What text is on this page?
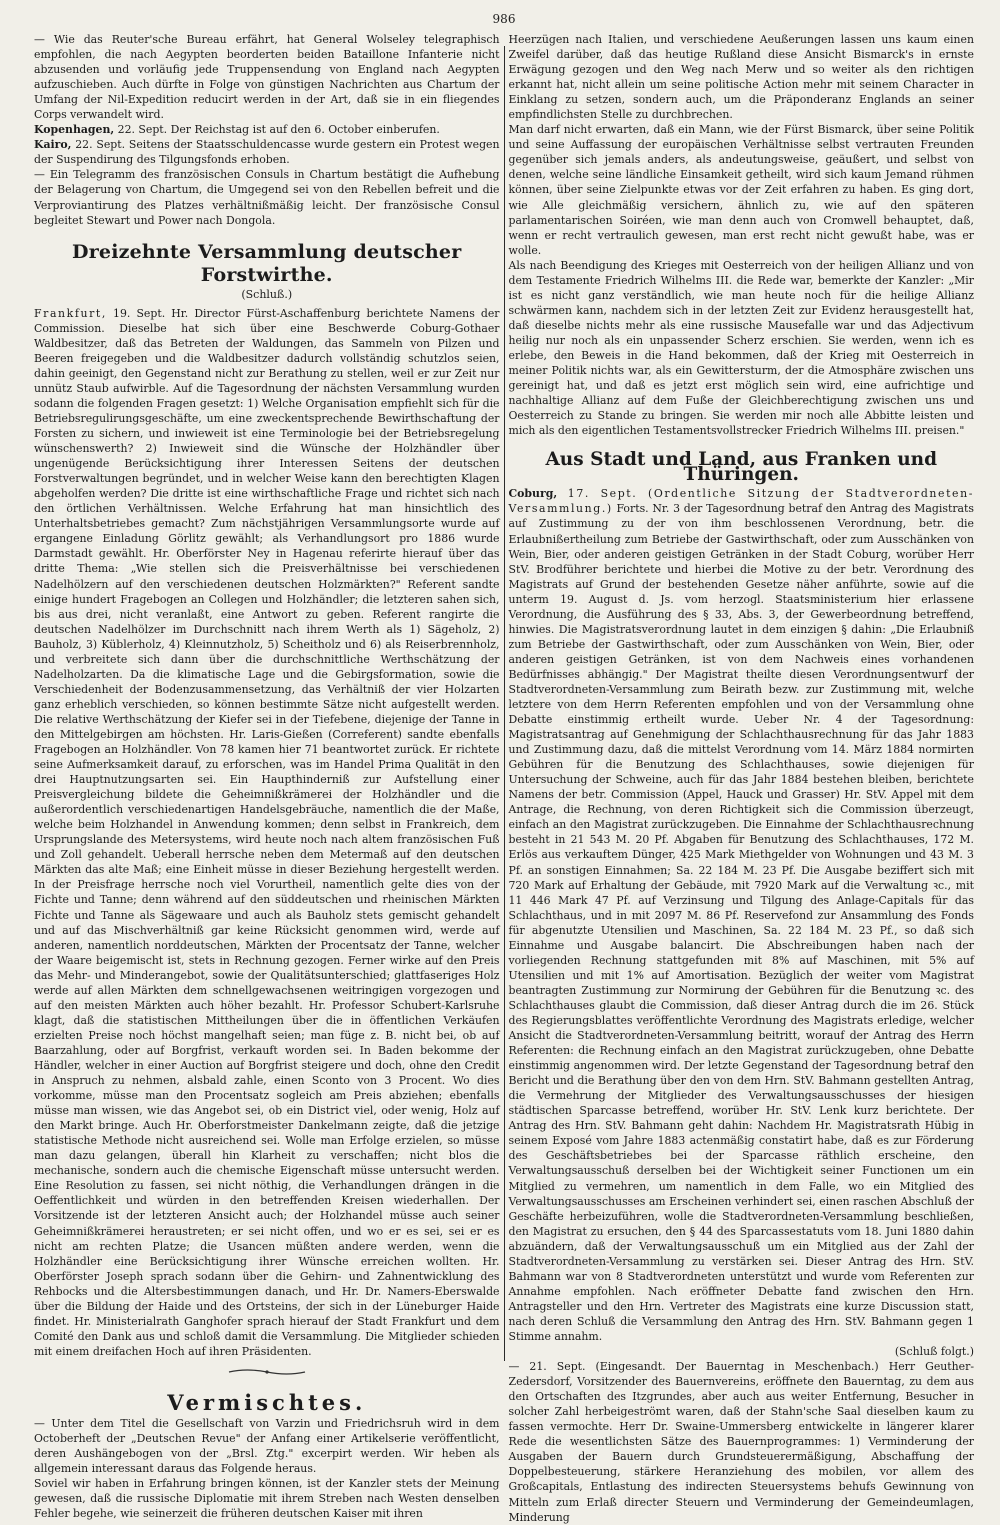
986

— Wie das Reuter'sche Bureau erfährt, hat General Wolseley telegraphisch empfohlen, die nach Aegypten beorderten beiden Bataillone Infanterie nicht abzusenden und vorläufig jede Truppensendung von England nach Aegypten aufzuschieben. Auch dürfte in Folge von günstigen Nachrichten aus Chartum der Umfang der Nil-Expedition reducirt werden in der Art, daß sie in ein fliegendes Corps verwandelt wird.

Kopenhagen, 22. Sept. Der Reichstag ist auf den 6. October einberufen.

Kairo, 22. Sept. Seitens der Staatsschuldencasse wurde gestern ein Protest wegen der Suspendirung des Tilgungsfonds erhoben.

— Ein Telegramm des französischen Consuls in Chartum bestätigt die Aufhebung der Belagerung von Chartum, die Umgegend sei von den Rebellen befreit und die Verproviantirung des Platzes verhältnißmäßig leicht. Der französische Consul begleitet Stewart und Power nach Dongola.

Dreizehnte Versammlung deutscher Forstwirthe.
(Schluß.)

Frankfurt, 19. Sept. Hr. Director Fürst-Aschaffenburg berichtete Namens der Commission. Dieselbe hat sich über eine Beschwerde Coburg-Gothaer Waldbesitzer, daß das Betreten der Waldungen, das Sammeln von Pilzen und Beeren freigegeben und die Waldbesitzer dadurch vollständig schutzlos seien, dahin geeinigt, den Gegenstand nicht zur Berathung zu stellen, weil er zur Zeit nur unnütz Staub aufwirble. Auf die Tagesordnung der nächsten Versammlung wurden sodann die folgenden Fragen gesetzt: 1) Welche Organisation empfiehlt sich für die Betriebsregulirungsgeschäfte, um eine zweckentsprechende Bewirthschaftung der Forsten zu sichern, und inwieweit ist eine Terminologie bei der Betriebsregelung wünschenswerth? 2) Inwieweit sind die Wünsche der Holzhändler über ungenügende Berücksichtigung ihrer Interessen Seitens der deutschen Forstverwaltungen begründet, und in welcher Weise kann den berechtigten Klagen abgeholfen werden? Die dritte ist eine wirthschaftliche Frage und richtet sich nach den örtlichen Verhältnissen. Welche Erfahrung hat man hinsichtlich des Unterhaltsbetriebes gemacht? Zum nächstjährigen Versammlungsorte wurde auf ergangene Einladung Görlitz gewählt; als Verhandlungsort pro 1886 wurde Darmstadt gewählt. Hr. Oberförster Ney in Hagenau referirte hierauf über das dritte Thema: „Wie stellen sich die Preisverhältnisse bei verschiedenen Nadelhölzern auf den verschiedenen deutschen Holzmärkten?" Referent sandte einige hundert Fragebogen an Collegen und Holzhändler; die letzteren sahen sich, bis aus drei, nicht veranlaßt, eine Antwort zu geben. Referent rangirte die deutschen Nadelhölzer im Durchschnitt nach ihrem Werth als 1) Sägeholz, 2) Bauholz, 3) Küblerholz, 4) Kleinnutzholz, 5) Scheitholz und 6) als Reiserbrennholz, und verbreitete sich dann über die durchschnittliche Werthschätzung der Nadelholzarten. Da die klimatische Lage und die Gebirgsformation, sowie die Verschiedenheit der Bodenzusammensetzung, das Verhältniß der vier Holzarten ganz erheblich verschieden, so können bestimmte Sätze nicht aufgestellt werden. Die relative Werthschätzung der Kiefer sei in der Tiefebene, diejenige der Tanne in den Mittelgebirgen am höchsten. Hr. Laris-Gießen (Correferent) sandte ebenfalls Fragebogen an Holzhändler. Von 78 kamen hier 71 beantwortet zurück. Er richtete seine Aufmerksamkeit darauf, zu erforschen, was im Handel Prima Qualität in den drei Hauptnutzungsarten sei. Ein Haupthinderniß zur Aufstellung einer Preisvergleichung bildete die Geheimnißkrämerei der Holzhändler und die außerordentlich verschiedenartigen Handelsgebräuche, namentlich die der Maße, welche beim Holzhandel in Anwendung kommen; denn selbst in Frankreich, dem Ursprungslande des Metersystems, wird heute noch nach altem französischen Fuß und Zoll gehandelt. Ueberall herrsche neben dem Metermaß auf den deutschen Märkten das alte Maß; eine Einheit müsse in dieser Beziehung hergestellt werden. In der Preisfrage herrsche noch viel Vorurtheil, namentlich gelte dies von der Fichte und Tanne; denn während auf den süddeutschen und rheinischen Märkten Fichte und Tanne als Sägewaare und auch als Bauholz stets gemischt gehandelt und auf das Mischverhältniß gar keine Rücksicht genommen wird, werde auf anderen, namentlich norddeutschen, Märkten der Procentsatz der Tanne, welcher der Waare beigemischt ist, stets in Rechnung gezogen. Ferner wirke auf den Preis das Mehr- und Minderangebot, sowie der Qualitätsunterschied; glattfaseriges Holz werde auf allen Märkten dem schnellgewachsenen weitringigen vorgezogen und auf den meisten Märkten auch höher bezahlt. Hr. Professor Schubert-Karlsruhe klagt, daß die statistischen Mittheilungen über die in öffentlichen Verkäufen erzielten Preise noch höchst mangelhaft seien; man füge z. B. nicht bei, ob auf Baarzahlung, oder auf Borgfrist, verkauft worden sei. In Baden bekomme der Händler, welcher in einer Auction auf Borgfrist steigere und doch, ohne den Credit in Anspruch zu nehmen, alsbald zahle, einen Sconto von 3 Procent. Wo dies vorkomme, müsse man den Procentsatz sogleich am Preis abziehen; ebenfalls müsse man wissen, wie das Angebot sei, ob ein District viel, oder wenig, Holz auf den Markt bringe. Auch Hr. Oberforstmeister Dankelmann zeigte, daß die jetzige statistische Methode nicht ausreichend sei. Wolle man Erfolge erzielen, so müsse man dazu gelangen, überall hin Klarheit zu verschaffen; nicht blos die mechanische, sondern auch die chemische Eigenschaft müsse untersucht werden. Eine Resolution zu fassen, sei nicht nöthig, die Verhandlungen drängen in die Oeffentlichkeit und würden in den betreffenden Kreisen wiederhallen. Der Vorsitzende ist der letzteren Ansicht auch; der Holzhandel müsse auch seiner Geheimnißkrämerei heraustreten; er sei nicht offen, und wo er es sei, sei er es nicht am rechten Platze; die Usancen müßten andere werden, wenn die Holzhändler eine Berücksichtigung ihrer Wünsche erreichen wollten. Hr. Oberförster Joseph sprach sodann über die Gehirn- und Zahnentwicklung des Rehbocks und die Altersbestimmungen danach, und Hr. Dr. Namers-Eberswalde über die Bildung der Haide und des Ortsteins, der sich in der Lüneburger Haide findet. Hr. Ministerialrath Ganghofer sprach hierauf der Stadt Frankfurt und dem Comité den Dank aus und schloß damit die Versammlung. Die Mitglieder schieden mit einem dreifachen Hoch auf ihren Präsidenten.

Vermischtes.

— Unter dem Titel die Gesellschaft von Varzin und Friedrichsruh wird in dem Octoberheft der „Deutschen Revue" der Anfang einer Artikelserie veröffentlicht, deren Aushängebogen von der „Brsl. Ztg." excerpirt werden. Wir heben als allgemein interessant daraus das Folgende heraus.

Soviel wir haben in Erfahrung bringen können, ist der Kanzler stets der Meinung gewesen, daß die russische Diplomatie mit ihrem Streben nach Westen denselben Fehler begehe, wie seinerzeit die früheren deutschen Kaiser mit ihren

Heerzügen nach Italien, und verschiedene Aeußerungen lassen uns kaum einen Zweifel darüber, daß das heutige Rußland diese Ansicht Bismarck's in ernste Erwägung gezogen und den Weg nach Merw und so weiter als den richtigen erkannt hat, nicht allein um seine politische Action mehr mit seinem Character in Einklang zu setzen, sondern auch, um die Präponderanz Englands an seiner empfindlichsten Stelle zu durchbrechen.

Man darf nicht erwarten, daß ein Mann, wie der Fürst Bismarck, über seine Politik und seine Auffassung der europäischen Verhältnisse selbst vertrauten Freunden gegenüber sich jemals anders, als andeutungsweise, geäußert, und selbst von denen, welche seine ländliche Einsamkeit getheilt, wird sich kaum Jemand rühmen können, über seine Zielpunkte etwas vor der Zeit erfahren zu haben. Es ging dort, wie Alle gleichmäßig versichern, ähnlich zu, wie auf den späteren parlamentarischen Soiréen, wie man denn auch von Cromwell behauptet, daß, wenn er recht vertraulich gewesen, man erst recht nicht gewußt habe, was er wolle.

Als nach Beendigung des Krieges mit Oesterreich von der heiligen Allianz und von dem Testamente Friedrich Wilhelms III. die Rede war, bemerkte der Kanzler: „Mir ist es nicht ganz verständlich, wie man heute noch für die heilige Allianz schwärmen kann, nachdem sich in der letzten Zeit zur Evidenz herausgestellt hat, daß dieselbe nichts mehr als eine russische Mausefalle war und das Adjectivum heilig nur noch als ein unpassender Scherz erschien. Sie werden, wenn ich es erlebe, den Beweis in die Hand bekommen, daß der Krieg mit Oesterreich in meiner Politik nichts war, als ein Gewittersturm, der die Atmosphäre zwischen uns gereinigt hat, und daß es jetzt erst möglich sein wird, eine aufrichtige und nachhaltige Allianz auf dem Fuße der Gleichberechtigung zwischen uns und Oesterreich zu Stande zu bringen. Sie werden mir noch alle Abbitte leisten und mich als den eigentlichen Testamentsvollstrecker Friedrich Wilhelms III. preisen."

Aus Stadt und Land, aus Franken und Thüringen.

Coburg, 17. Sept. (Ordentliche Sitzung der Stadtverordneten-Versammlung.) Forts. Nr. 3 der Tagesordnung betraf den Antrag des Magistrats auf Zustimmung zu der von ihm beschlossenen Verordnung, betr. die Erlaubnißertheilung zum Betriebe der Gastwirthschaft, oder zum Ausschänken von Wein, Bier, oder anderen geistigen Getränken in der Stadt Coburg, worüber Herr StV. Brodführer berichtete und hierbei die Motive zu der betr. Verordnung des Magistrats auf Grund der bestehenden Gesetze näher anführte, sowie auf die unterm 19. August d. Js. vom herzogl. Staatsministerium hier erlassene Verordnung, die Ausführung des § 33, Abs. 3, der Gewerbeordnung betreffend, hinwies. Die Magistratsverordnung lautet in dem einzigen § dahin: „Die Erlaubniß zum Betriebe der Gastwirthschaft, oder zum Ausschänken von Wein, Bier, oder anderen geistigen Getränken, ist von dem Nachweis eines vorhandenen Bedürfnisses abhängig." Der Magistrat theilte diesen Verordnungsentwurf der Stadtverordneten-Versammlung zum Beirath bezw. zur Zustimmung mit, welche letztere von dem Herrn Referenten empfohlen und von der Versammlung ohne Debatte einstimmig ertheilt wurde. Ueber Nr. 4 der Tagesordnung: Magistratsantrag auf Genehmigung der Schlachthausrechnung für das Jahr 1883 und Zustimmung dazu, daß die mittelst Verordnung vom 14. März 1884 normirten Gebühren für die Benutzung des Schlachthauses, sowie diejenigen für Untersuchung der Schweine, auch für das Jahr 1884 bestehen bleiben, berichtete Namens der betr. Commission (Appel, Hauck und Grasser) Hr. StV. Appel mit dem Antrage, die Rechnung, von deren Richtigkeit sich die Commission überzeugt, einfach an den Magistrat zurückzugeben. Die Einnahme der Schlachthausrechnung besteht in 21 543 M. 20 Pf. Abgaben für Benutzung des Schlachthauses, 172 M. Erlös aus verkauftem Dünger, 425 Mark Miethgelder von Wohnungen und 43 M. 3 Pf. an sonstigen Einnahmen; Sa. 22 184 M. 23 Pf. Die Ausgabe beziffert sich mit 720 Mark auf Erhaltung der Gebäude, mit 7920 Mark auf die Verwaltung ꝛc., mit 11 446 Mark 47 Pf. auf Verzinsung und Tilgung des Anlage-Capitals für das Schlachthaus, und in mit 2097 M. 86 Pf. Reservefond zur Ansammlung des Fonds für abgenutzte Utensilien und Maschinen, Sa. 22 184 M. 23 Pf., so daß sich Einnahme und Ausgabe balancirt. Die Abschreibungen haben nach der vorliegenden Rechnung stattgefunden mit 8% auf Maschinen, mit 5% auf Utensilien und mit 1% auf Amortisation. Bezüglich der weiter vom Magistrat beantragten Zustimmung zur Normirung der Gebühren für die Benutzung ꝛc. des Schlachthauses glaubt die Commission, daß dieser Antrag durch die im 26. Stück des Regierungsblattes veröffentlichte Verordnung des Magistrats erledige, welcher Ansicht die Stadtverordneten-Versammlung beitritt, worauf der Antrag des Herrn Referenten: die Rechnung einfach an den Magistrat zurückzugeben, ohne Debatte einstimmig angenommen wird. Der letzte Gegenstand der Tagesordnung betraf den Bericht und die Berathung über den von dem Hrn. StV. Bahmann gestellten Antrag, die Vermehrung der Mitglieder des Verwaltungsausschusses der hiesigen städtischen Sparcasse betreffend, worüber Hr. StV. Lenk kurz berichtete. Der Antrag des Hrn. StV. Bahmann geht dahin: Nachdem Hr. Magistratsrath Hübig in seinem Exposé vom Jahre 1883 actenmäßig constatirt habe, daß es zur Förderung des Geschäftsbetriebes bei der Sparcasse räthlich erscheine, den Verwaltungsausschuß derselben bei der Wichtigkeit seiner Functionen um ein Mitglied zu vermehren, um namentlich in dem Falle, wo ein Mitglied des Verwaltungsausschusses am Erscheinen verhindert sei, einen raschen Abschluß der Geschäfte herbeizuführen, wolle die Stadtverordneten-Versammlung beschließen, den Magistrat zu ersuchen, den § 44 des Sparcassestatuts vom 18. Juni 1880 dahin abzuändern, daß der Verwaltungsausschuß um ein Mitglied aus der Zahl der Stadtverordneten-Versammlung zu verstärken sei. Dieser Antrag des Hrn. StV. Bahmann war von 8 Stadtverordneten unterstützt und wurde vom Referenten zur Annahme empfohlen. Nach eröffneter Debatte fand zwischen den Hrn. Antragsteller und den Hrn. Vertreter des Magistrats eine kurze Discussion statt, nach deren Schluß die Versammlung den Antrag des Hrn. StV. Bahmann gegen 1 Stimme annahm.

(Schluß folgt.)

— 21. Sept. (Eingesandt. Der Bauerntag in Meschenbach.) Herr Geuther-Zedersdorf, Vorsitzender des Bauernvereins, eröffnete den Bauerntag, zu dem aus den Ortschaften des Itzgrundes, aber auch aus weiter Entfernung, Besucher in solcher Zahl herbeigeströmt waren, daß der Stahn'sche Saal dieselben kaum zu fassen vermochte. Herr Dr. Swaine-Ummersberg entwickelte in längerer klarer Rede die wesentlichsten Sätze des Bauernprogrammes: 1) Verminderung der Ausgaben der Bauern durch Grundsteuerermäßigung, Abschaffung der Doppelbesteuerung, stärkere Heranziehung des mobilen, vor allem des Großcapitals, Entlastung des indirecten Steuersystems behufs Gewinnung von Mitteln zum Erlaß directer Steuern und Verminderung der Gemeindeumlagen, Minderung
